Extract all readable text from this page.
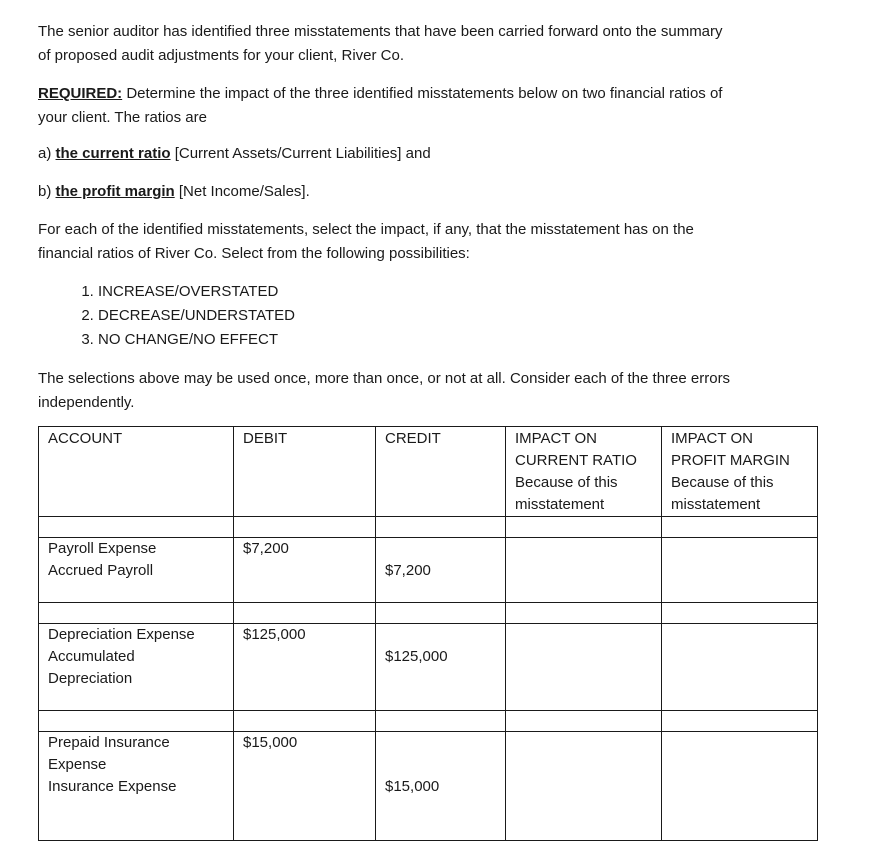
The senior auditor has identified three misstatements that have been carried forward onto the summary
of proposed audit adjustments for your client, River Co.

REQUIRED: Determine the impact of the three identified misstatements below on two financial ratios of
your client. The ratios are

a) the current ratio [Current Assets/Current Liabilities] and

b) the profit margin [Net Income/Sales].

For each of the identified misstatements, select the impact, if any, that the misstatement has on the
financial ratios of River Co. Select from the following possibilities:

1. INCREASE/OVERSTATED
2. DECREASE/UNDERSTATED
3. NO CHANGE/NO EFFECT

The selections above may be used once, more than once, or not at all. Consider each of the three errors
independently.

ACCOUNT	DEBIT	CREDIT	IMPACT ON
CURRENT RATIO
Because of this
misstatement	IMPACT ON
PROFIT MARGIN
Because of this
misstatement

Payroll Expense
Accrued Payroll	$7,200	$7,200		

Depreciation Expense
Accumulated
Depreciation	$125,000	$125,000		

Prepaid Insurance
Expense
Insurance Expense	$15,000	$15,000		
